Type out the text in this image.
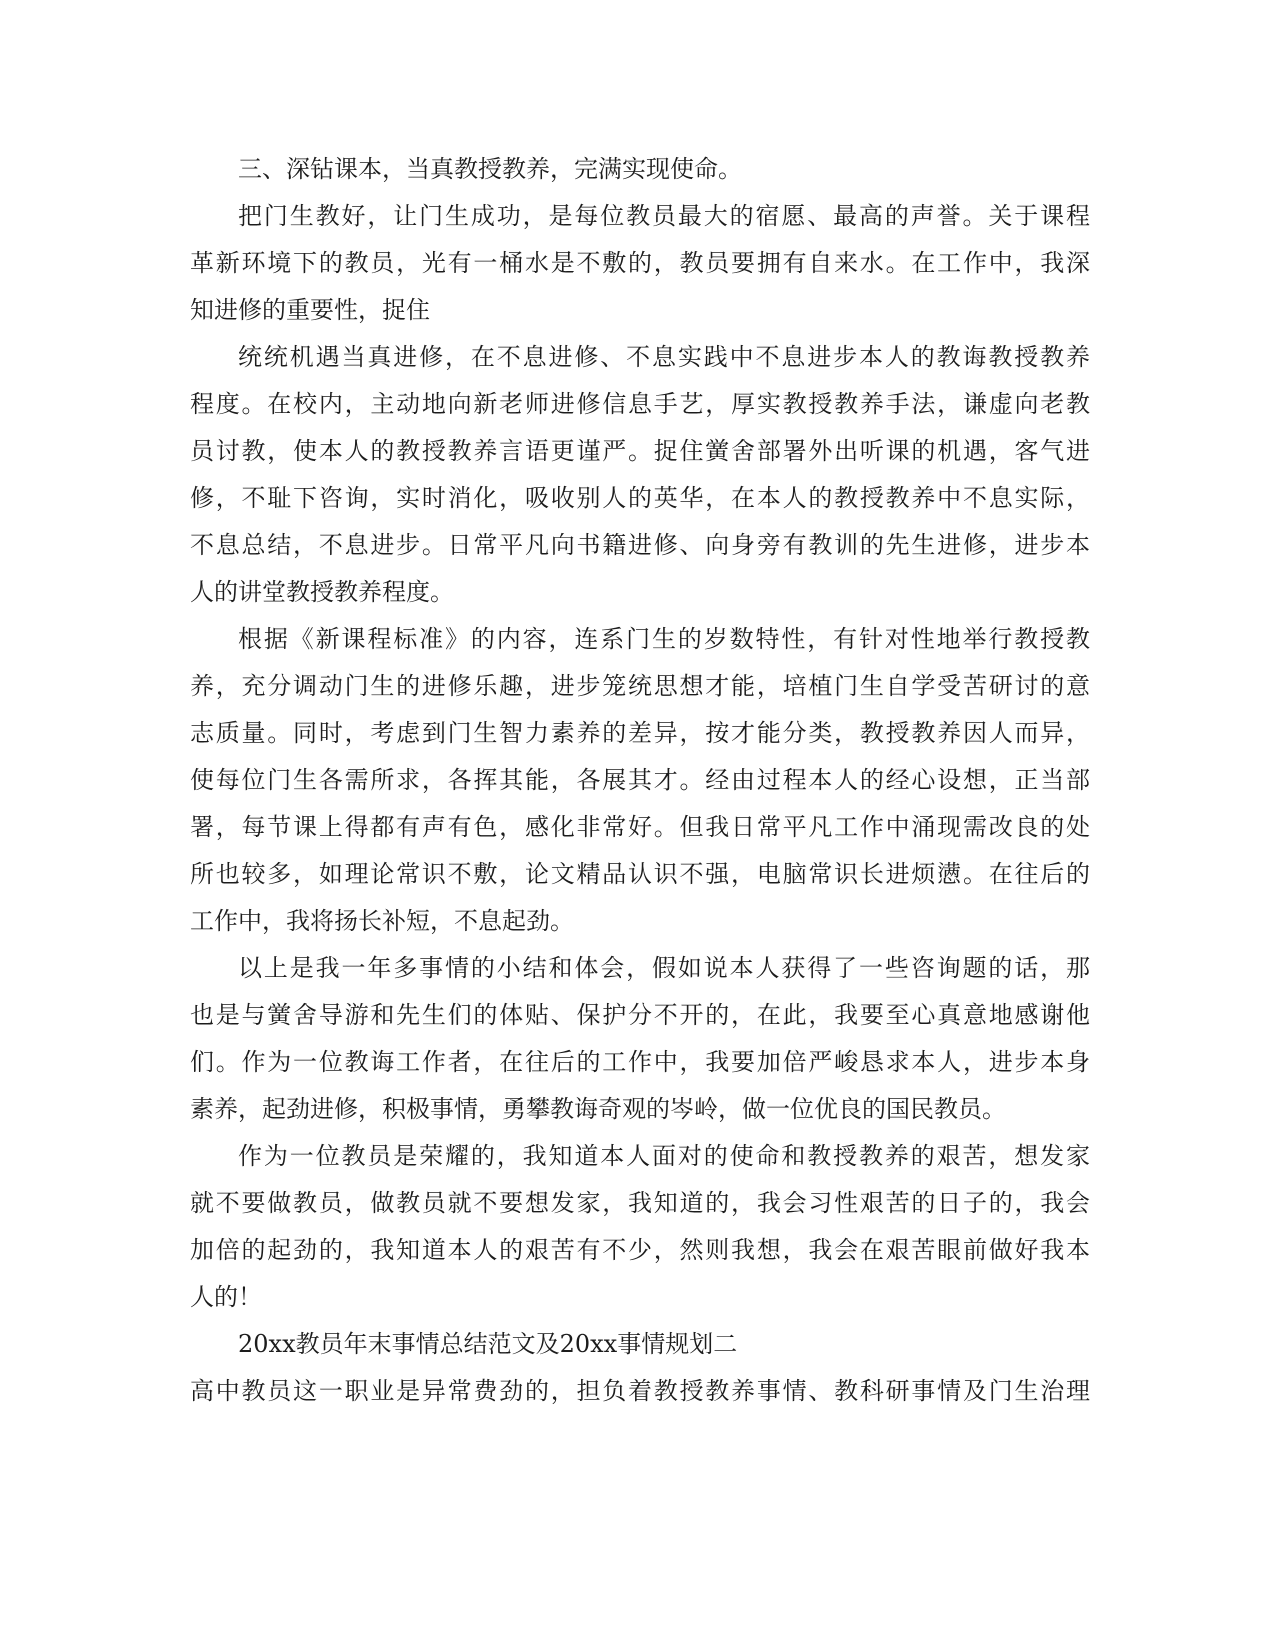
三、深钻课本，当真教授教养，完满实现使命。

把门生教好，让门生成功，是每位教员最大的宿愿、最高的声誉。关于课程

革新环境下的教员，光有一桶水是不敷的，教员要拥有自来水。在工作中，我深

知进修的重要性，捉住

统统机遇当真进修，在不息进修、不息实践中不息进步本人的教诲教授教养

程度。在校内，主动地向新老师进修信息手艺，厚实教授教养手法，谦虚向老教

员讨教，使本人的教授教养言语更谨严。捉住黉舍部署外出听课的机遇，客气进

修，不耻下咨询，实时消化，吸收别人的英华，在本人的教授教养中不息实际，

不息总结，不息进步。日常平凡向书籍进修、向身旁有教训的先生进修，进步本

人的讲堂教授教养程度。

根据《新课程标准》的内容，连系门生的岁数特性，有针对性地举行教授教

养，充分调动门生的进修乐趣，进步笼统思想才能，培植门生自学受苦研讨的意

志质量。同时，考虑到门生智力素养的差异，按才能分类，教授教养因人而异，

使每位门生各需所求，各挥其能，各展其才。经由过程本人的经心设想，正当部

署，每节课上得都有声有色，感化非常好。但我日常平凡工作中涌现需改良的处

所也较多，如理论常识不敷，论文精品认识不强，电脑常识长进烦懑。在往后的

工作中，我将扬长补短，不息起劲。

以上是我一年多事情的小结和体会，假如说本人获得了一些咨询题的话，那

也是与黉舍导游和先生们的体贴、保护分不开的，在此，我要至心真意地感谢他

们。作为一位教诲工作者，在往后的工作中，我要加倍严峻恳求本人，进步本身

素养，起劲进修，积极事情，勇攀教诲奇观的岑岭，做一位优良的国民教员。

作为一位教员是荣耀的，我知道本人面对的使命和教授教养的艰苦，想发家

就不要做教员，做教员就不要想发家，我知道的，我会习性艰苦的日子的，我会

加倍的起劲的，我知道本人的艰苦有不少，然则我想，我会在艰苦眼前做好我本

人的！

20xx教员年末事情总结范文及20xx事情规划二

高中教员这一职业是异常费劲的，担负着教授教养事情、教科研事情及门生治理
